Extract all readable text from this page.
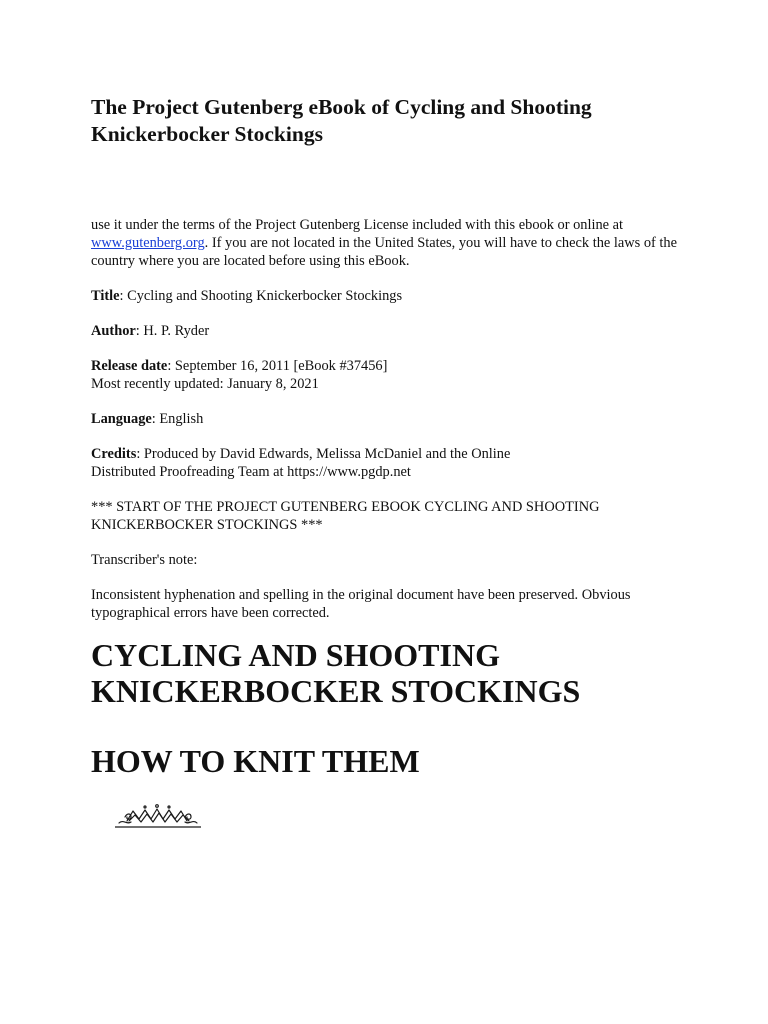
The Project Gutenberg eBook of Cycling and Shooting
Knickerbocker Stockings

use it under the terms of the Project Gutenberg License included with this ebook or online at www.gutenberg.org. If you are not located in the United States, you will have to check the laws of the country where you are located before using this eBook.

Title: Cycling and Shooting Knickerbocker Stockings

Author: H. P. Ryder

Release date: September 16, 2011 [eBook #37456]
Most recently updated: January 8, 2021

Language: English

Credits: Produced by David Edwards, Melissa McDaniel and the Online
Distributed Proofreading Team at https://www.pgdp.net

*** START OF THE PROJECT GUTENBERG EBOOK CYCLING AND SHOOTING
KNICKERBOCKER STOCKINGS ***

Transcriber's note:

Inconsistent hyphenation and spelling in the original document have been preserved. Obvious typographical errors have been corrected.

CYCLING AND SHOOTING
KNICKERBOCKER STOCKINGS
HOW TO KNIT THEM
